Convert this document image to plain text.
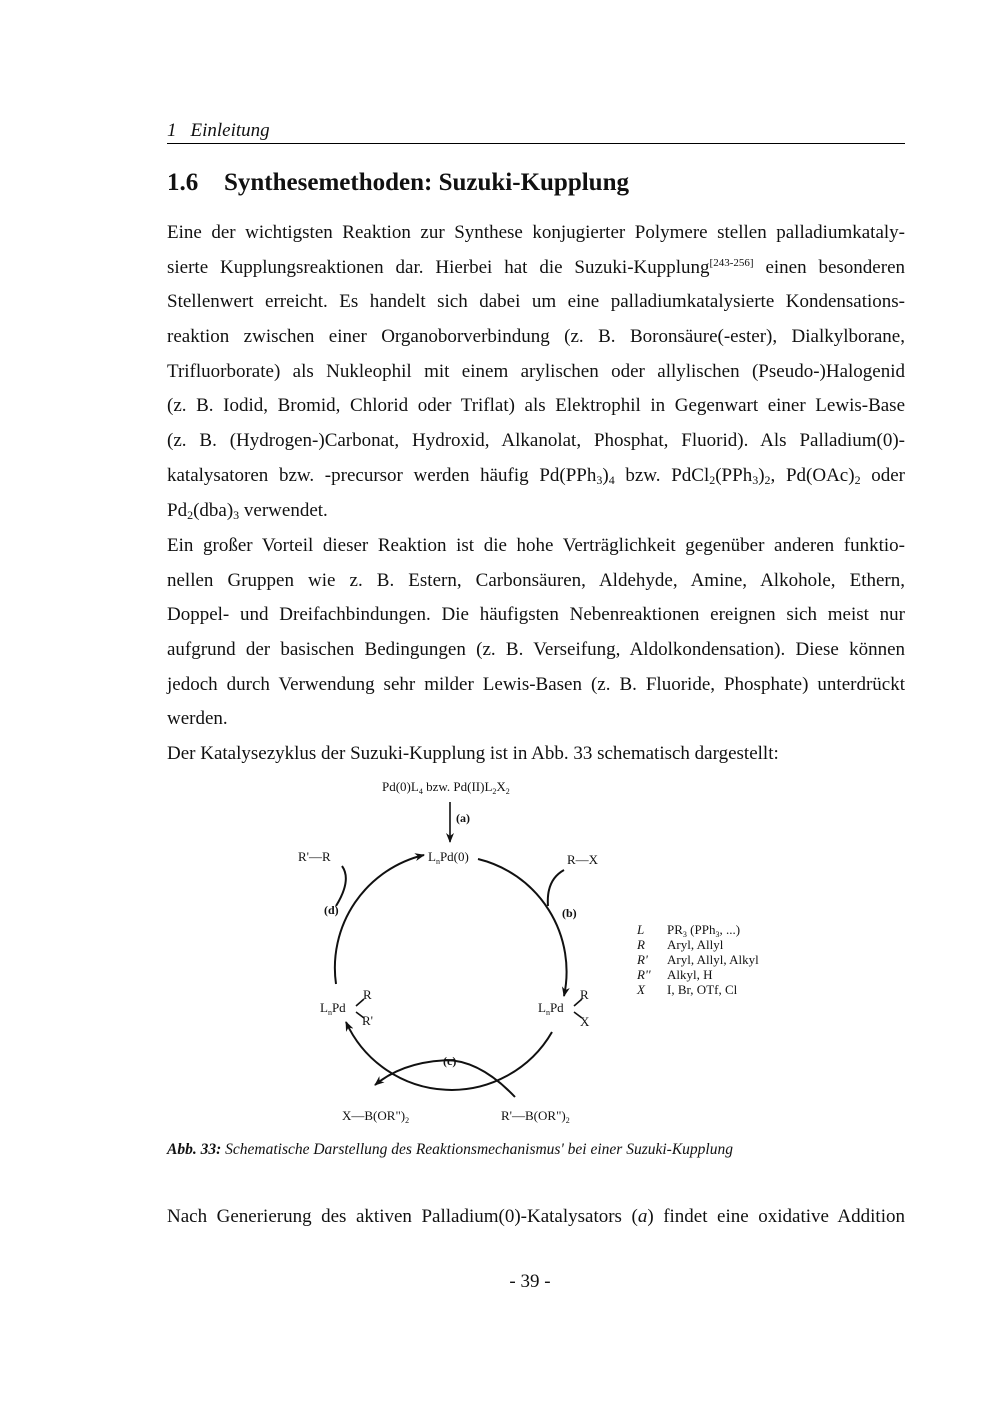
1 Einleitung
1.6 Synthesemethoden: Suzuki-Kupplung
Eine der wichtigsten Reaktion zur Synthese konjugierter Polymere stellen palladiumkataly-
sierte Kupplungsreaktionen dar. Hierbei hat die Suzuki-Kupplung[243-256] einen besonderen
Stellenwert erreicht. Es handelt sich dabei um eine palladiumkatalysierte Kondensations-
reaktion zwischen einer Organoborverbindung (z. B. Boronsäure(-ester), Dialkylborane,
Trifluorborate) als Nukleophil mit einem arylischen oder allylischen (Pseudo-)Halogenid
(z. B. Iodid, Bromid, Chlorid oder Triflat) als Elektrophil in Gegenwart einer Lewis-Base
(z. B. (Hydrogen-)Carbonat, Hydroxid, Alkanolat, Phosphat, Fluorid). Als Palladium(0)-
katalysatoren bzw. -precursor werden häufig $Pd(PPh_3)_4$ bzw. $PdCl_2(PPh_3)_2$, $Pd(OAc)_2$ oder
$Pd_2(dba)_3$ verwendet.
Ein großer Vorteil dieser Reaktion ist die hohe Verträglichkeit gegenüber anderen funktio-
nellen Gruppen wie z. B. Estern, Carbonsäuren, Aldehyde, Amine, Alkohole, Ethern,
Doppel- und Dreifachbindungen. Die häufigsten Nebenreaktionen ereignen sich meist nur
aufgrund der basischen Bedingungen (z. B. Verseifung, Aldolkondensation). Diese können
jedoch durch Verwendung sehr milder Lewis-Basen (z. B. Fluoride, Phosphate) unterdrückt
werden.
Der Katalysezyklus der Suzuki-Kupplung ist in Abb. 33 schematisch dargestellt:
$Pd(0)L_4$ bzw. $Pd(II)L_2X_2$
(a)
$L_nPd(0)$
R'—R	R—X
(d)	(b)
$L_nPd$
R
R'
$L_nPd$
R
X
(c)
$X—B(OR")_2$	$R'—B(OR")_2$
L	$PR_3$ (PPh$_3$, ...)
R	Aryl, Allyl
R'	Aryl, Allyl, Alkyl
R''	Alkyl, H
X	I, Br, OTf, Cl
Abb. 33: Schematische Darstellung des Reaktionsmechanismus' bei einer Suzuki-Kupplung
Nach Generierung des aktiven Palladium(0)-Katalysators (a) findet eine oxidative Addition
- 39 -
